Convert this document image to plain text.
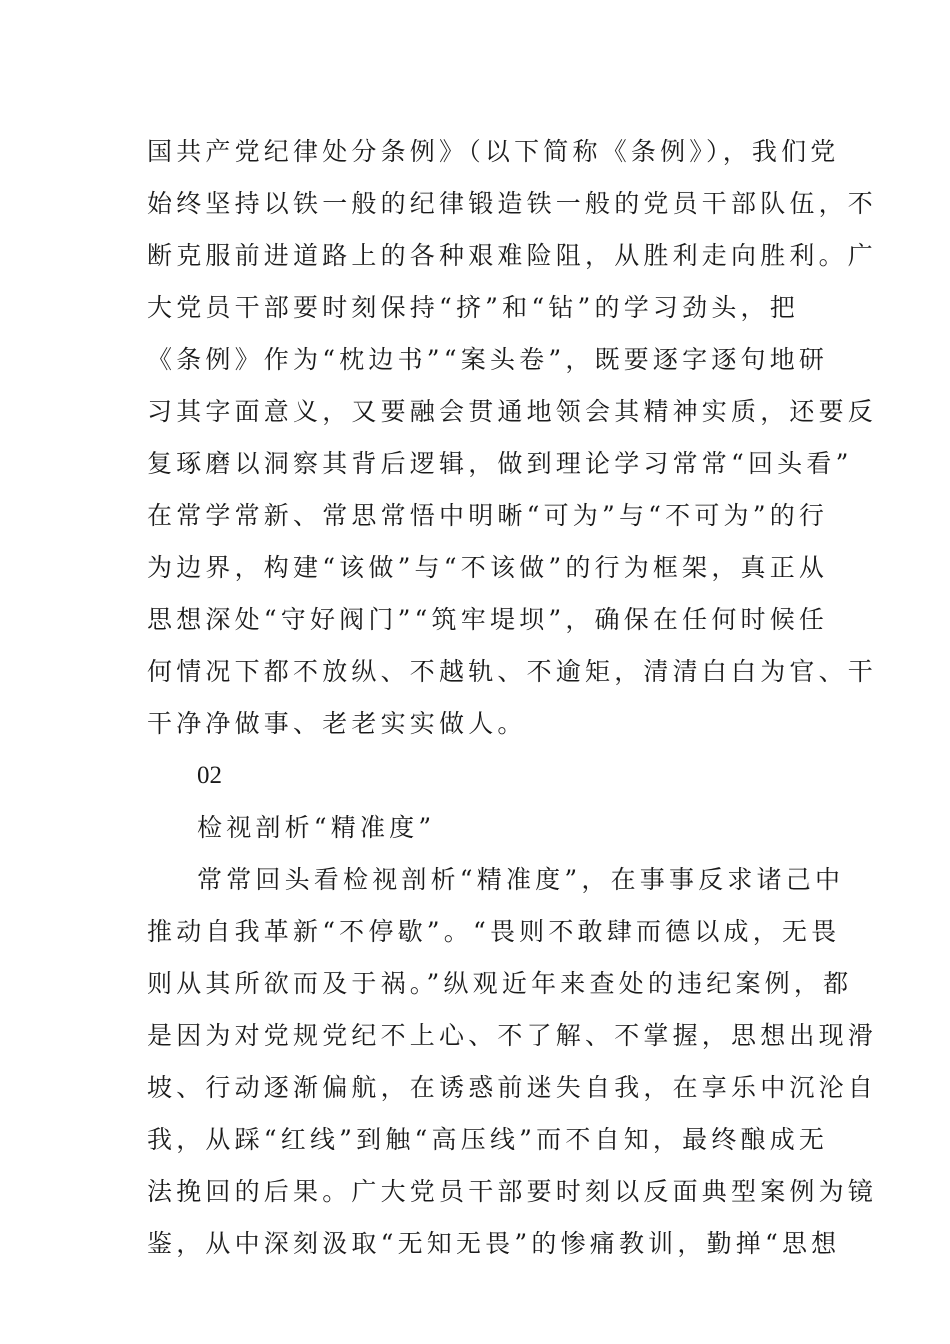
国共产党纪律处分条例》（以下简称《条例》），我们党
始终坚持以铁一般的纪律锻造铁一般的党员干部队伍，不
断克服前进道路上的各种艰难险阻，从胜利走向胜利。广
大党员干部要时刻保持“挤”和“钻”的学习劲头，把
《条例》作为“枕边书”“案头卷”，既要逐字逐句地研
习其字面意义，又要融会贯通地领会其精神实质，还要反
复琢磨以洞察其背后逻辑，做到理论学习常常“回头看”
在常学常新、常思常悟中明晰“可为”与“不可为”的行
为边界，构建“该做”与“不该做”的行为框架，真正从
思想深处“守好阀门”“筑牢堤坝”，确保在任何时候任
何情况下都不放纵、不越轨、不逾矩，清清白白为官、干
干净净做事、老老实实做人。
02
检视剖析“精准度”
常常回头看检视剖析“精准度”，在事事反求诸己中
推动自我革新“不停歇”。“畏则不敢肆而德以成，无畏
则从其所欲而及于祸。”纵观近年来查处的违纪案例，都
是因为对党规党纪不上心、不了解、不掌握，思想出现滑
坡、行动逐渐偏航，在诱惑前迷失自我，在享乐中沉沦自
我，从踩“红线”到触“高压线”而不自知，最终酿成无
法挽回的后果。广大党员干部要时刻以反面典型案例为镜
鉴，从中深刻汲取“无知无畏”的惨痛教训，勤掸“思想
